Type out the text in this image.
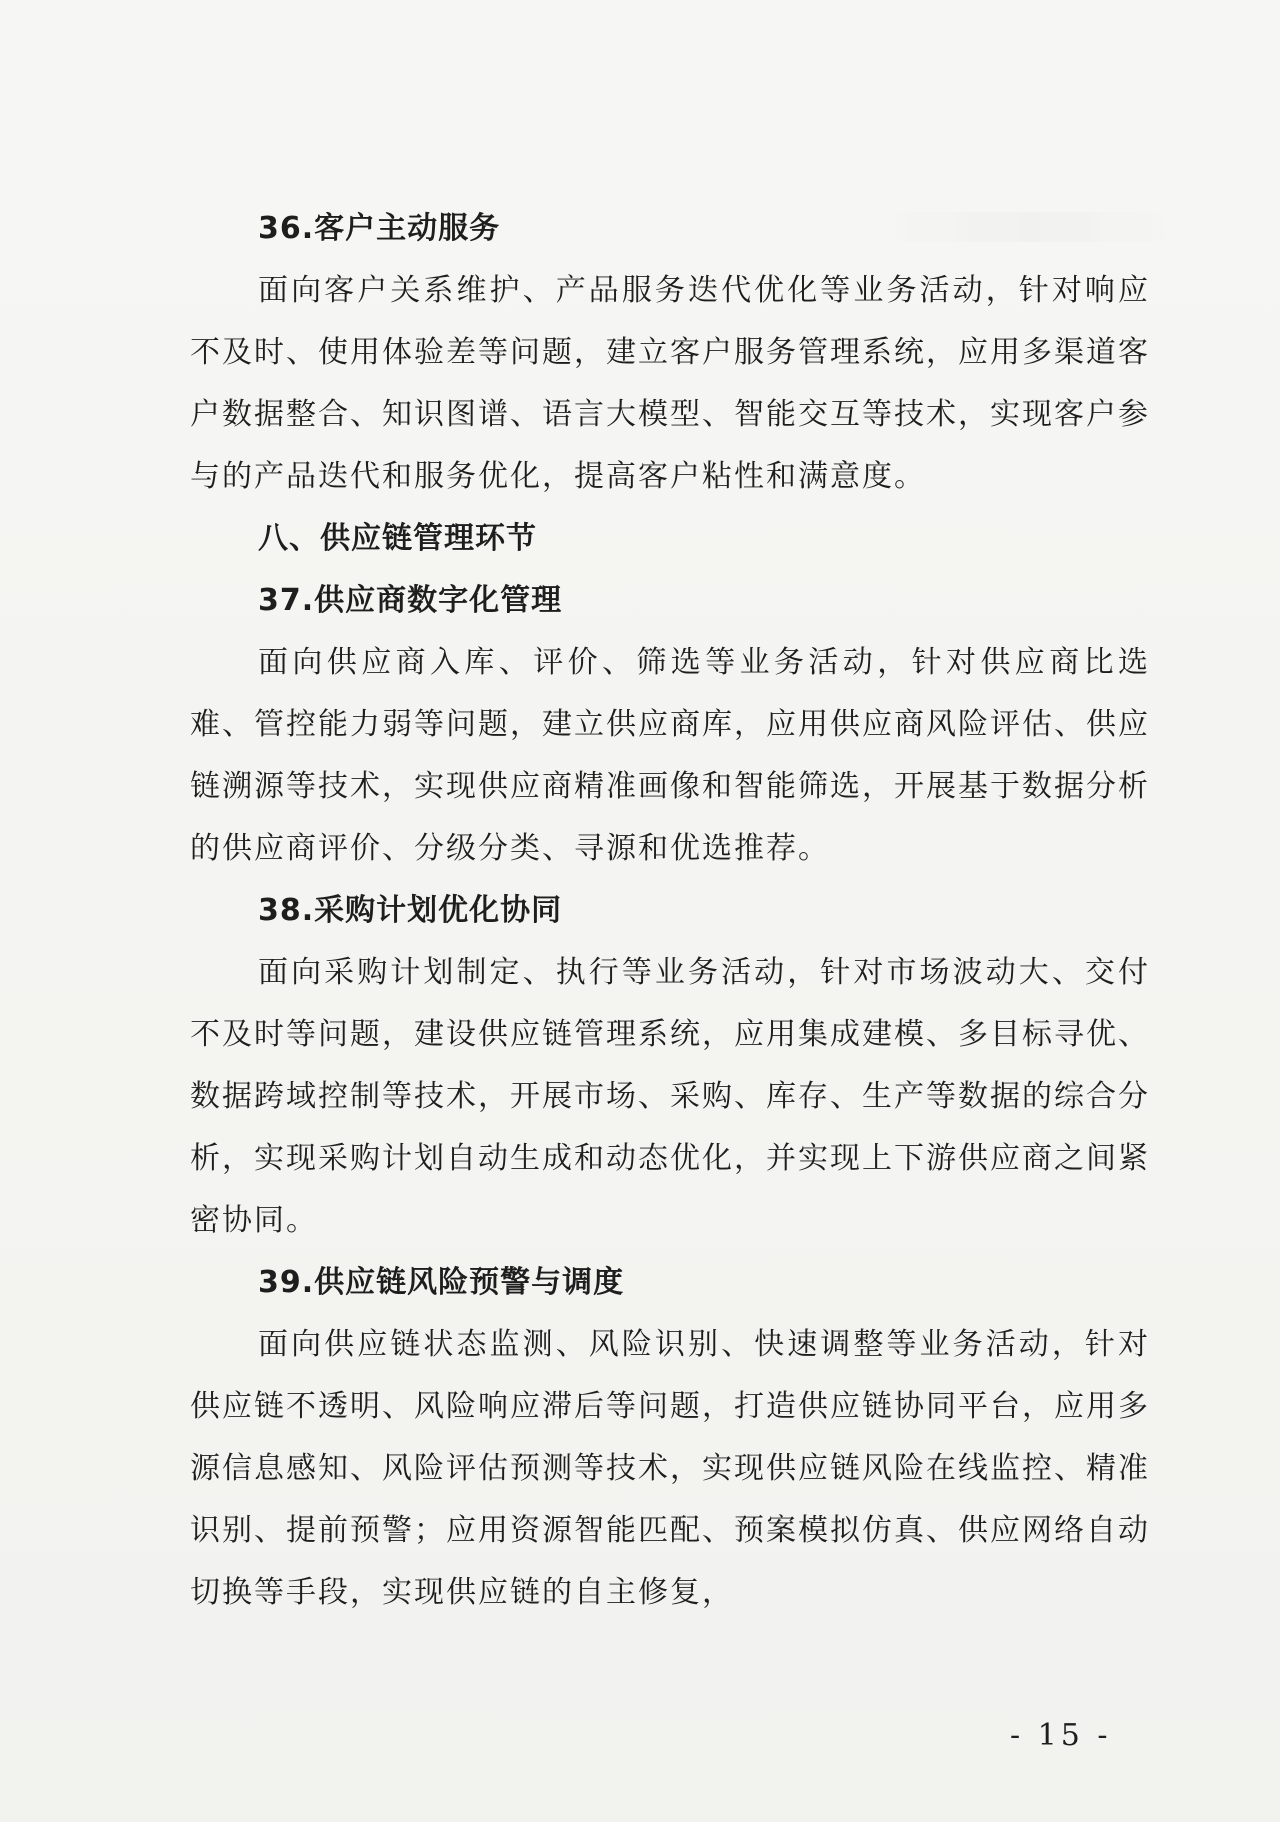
36.客户主动服务

面向客户关系维护、产品服务迭代优化等业务活动，针对响应不及时、使用体验差等问题，建立客户服务管理系统，应用多渠道客户数据整合、知识图谱、语言大模型、智能交互等技术，实现客户参与的产品迭代和服务优化，提高客户粘性和满意度。

八、供应链管理环节

37.供应商数字化管理

面向供应商入库、评价、筛选等业务活动，针对供应商比选难、管控能力弱等问题，建立供应商库，应用供应商风险评估、供应链溯源等技术，实现供应商精准画像和智能筛选，开展基于数据分析的供应商评价、分级分类、寻源和优选推荐。

38.采购计划优化协同

面向采购计划制定、执行等业务活动，针对市场波动大、交付不及时等问题，建设供应链管理系统，应用集成建模、多目标寻优、数据跨域控制等技术，开展市场、采购、库存、生产等数据的综合分析，实现采购计划自动生成和动态优化，并实现上下游供应商之间紧密协同。

39.供应链风险预警与调度

面向供应链状态监测、风险识别、快速调整等业务活动，针对供应链不透明、风险响应滞后等问题，打造供应链协同平台，应用多源信息感知、风险评估预测等技术，实现供应链风险在线监控、精准识别、提前预警；应用资源智能匹配、预案模拟仿真、供应网络自动切换等手段，实现供应链的自主修复，

- 15 -
